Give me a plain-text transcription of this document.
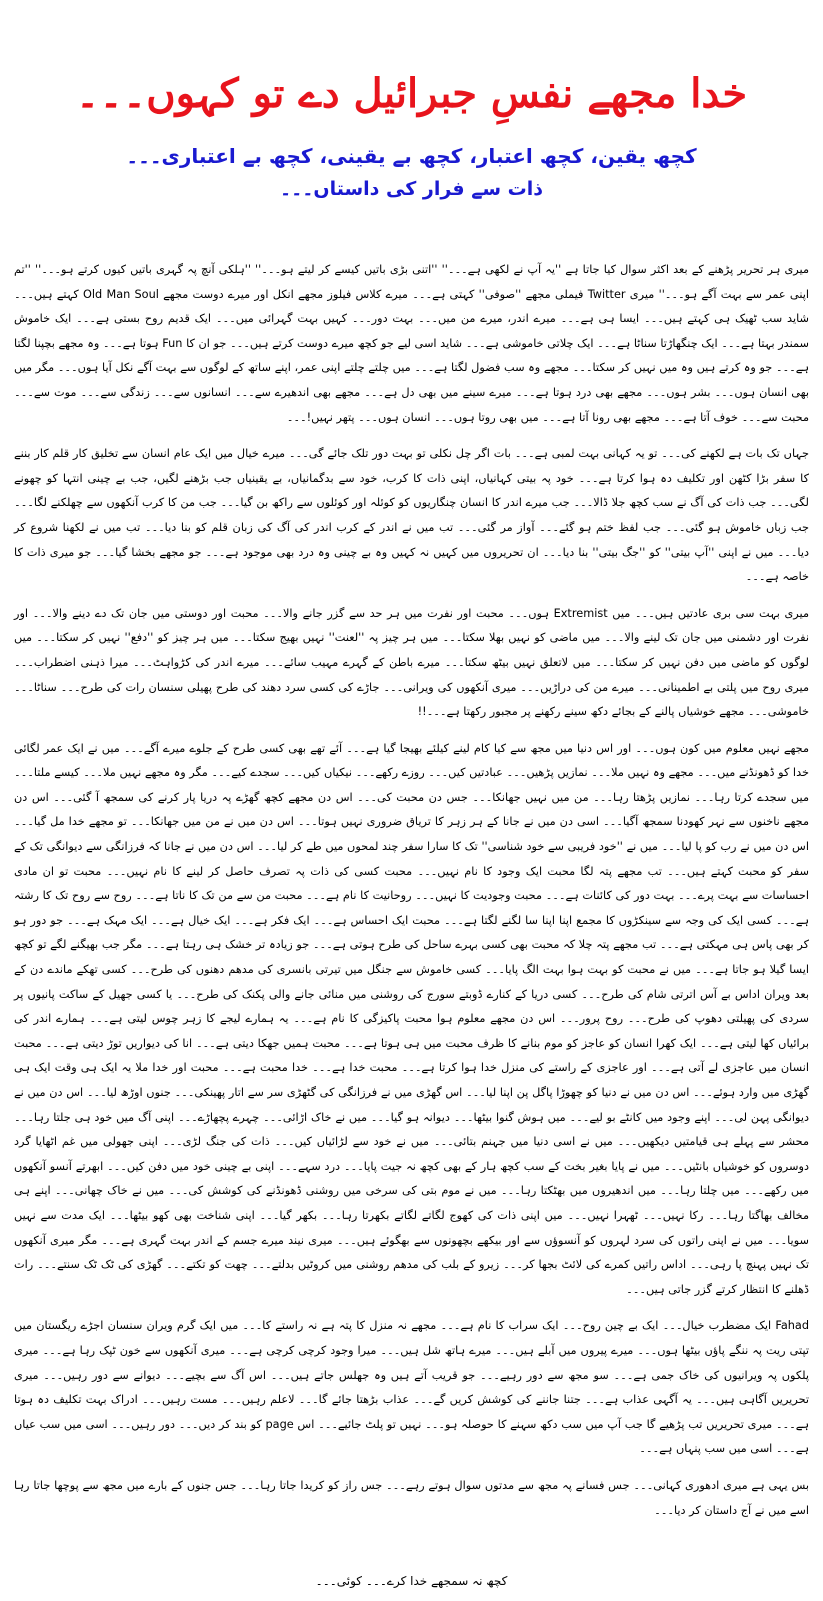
خدا مجھے نفسِ جبرائیل دے تو کہوں۔۔۔
کچھ یقین، کچھ اعتبار، کچھ بے یقینی، کچھ بے اعتباری۔۔۔
ذات سے فرار کی داستاں۔۔۔

میری ہر تحریر پڑھنے کے بعد اکثر سوال کیا جاتا ہے ''یہ آپ نے لکھی ہے۔۔۔'' ''اتنی بڑی باتیں کیسے کر لیتے ہو۔۔۔'' ''ہلکی آنچ پہ گہری باتیں کیوں کرتے ہو۔۔۔'' ''تم اپنی عمر سے بہت آگے ہو۔۔۔'' میری Twitter فیملی مجھے ''صوفی'' کہتی ہے۔۔۔ میرے کلاس فیلوز مجھے انکل اور میرے دوست مجھے Old Man Soul کہتے ہیں۔۔۔ شاید سب ٹھیک ہی کہتے ہیں۔۔۔ ایسا ہی ہے۔۔۔ میرے اندر، میرے من میں۔۔۔ بہت دور۔۔۔ کہیں بہت گہرائی میں۔۔۔ ایک قدیم روح بستی ہے۔۔۔ ایک خاموش سمندر بہتا ہے۔۔۔ ایک چنگھاڑتا سناٹا ہے۔۔۔ ایک چلاتی خاموشی ہے۔۔۔ شاید اسی لیے جو کچھ میرے دوست کرتے ہیں۔۔۔ جو ان کا Fun ہوتا ہے۔۔۔ وہ مجھے بچپنا لگتا ہے۔۔۔ جو وہ کرتے ہیں وہ میں نہیں کر سکتا۔۔۔ مجھے وہ سب فضول لگتا ہے۔۔۔ میں چلتے چلتے اپنی عمر، اپنے ساتھ کے لوگوں سے بہت آگے نکل آیا ہوں۔۔۔ مگر میں بھی انسان ہوں۔۔۔ بشر ہوں۔۔۔ مجھے بھی درد ہوتا ہے۔۔۔ میرے سینے میں بھی دل ہے۔۔۔ مجھے بھی اندھیرے سے۔۔۔ انسانوں سے۔۔۔ زندگی سے۔۔۔ موت سے۔۔۔ محبت سے۔۔۔ خوف آتا ہے۔۔۔ مجھے بھی رونا آتا ہے۔۔۔ میں بھی روتا ہوں۔۔۔ انسان ہوں۔۔۔ پتھر نہیں!۔۔۔

جہاں تک بات ہے لکھنے کی۔۔۔ تو یہ کہانی بہت لمبی ہے۔۔۔ بات اگر چل نکلی تو بہت دور تلک جائے گی۔۔۔ میرے خیال میں ایک عام انسان سے تخلیق کار قلم کار بننے کا سفر بڑا کٹھن اور تکلیف دہ ہوا کرتا ہے۔۔۔ خود پہ بیتی کہانیاں، اپنی ذات کا کرب، خود سے بدگمانیاں، بے یقینیاں جب بڑھنے لگیں، جب بے چینی انتہا کو چھونے لگی۔۔۔ جب ذات کی آگ نے سب کچھ جلا ڈالا۔۔۔ جب میرے اندر کا انسان چنگاریوں کو کوئلہ اور کوئلوں سے راکھ بن گیا۔۔۔ جب من کا کرب آنکھوں سے چھلکنے لگا۔۔۔ جب زباں خاموش ہو گئی۔۔۔ جب لفظ ختم ہو گئے۔۔۔ آواز مر گئی۔۔۔ تب میں نے اندر کے کرب اندر کی آگ کی زبان قلم کو بنا دیا۔۔۔ تب میں نے لکھنا شروع کر دیا۔۔۔ میں نے اپنی ''آپ بیتی'' کو ''جگ بیتی'' بنا دیا۔۔۔ ان تحریروں میں کہیں نہ کہیں وہ بے چینی وہ درد بھی موجود ہے۔۔۔ جو مجھے بخشا گیا۔۔۔ جو میری ذات کا خاصہ ہے۔۔۔

میری بہت سی بری عادتیں ہیں۔۔۔ میں Extremist ہوں۔۔۔ محبت اور نفرت میں ہر حد سے گزر جانے والا۔۔۔ محبت اور دوستی میں جان تک دے دینے والا۔۔۔ اور نفرت اور دشمنی میں جان تک لینے والا۔۔۔ میں ماضی کو نہیں بھلا سکتا۔۔۔ میں ہر چیز پہ ''لعنت'' نہیں بھیج سکتا۔۔۔ میں ہر چیز کو ''دفع'' نہیں کر سکتا۔۔۔ میں لوگوں کو ماضی میں دفن نہیں کر سکتا۔۔۔ میں لاتعلق نہیں بیٹھ سکتا۔۔۔ میرے باطن کے گہرے مہیب سائے۔۔۔ میرے اندر کی کڑواہٹ۔۔۔ میرا ذہنی اضطراب۔۔۔ میری روح میں پلتی بے اطمینانی۔۔۔ میرے من کی دراڑیں۔۔۔ میری آنکھوں کی ویرانی۔۔۔ جاڑے کی کسی سرد دھند کی طرح پھیلی سنسان رات کی طرح۔۔۔ سناٹا۔۔۔ خاموشی۔۔۔ مجھے خوشیاں پالنے کے بجائے دکھ سینے رکھنے پر مجبور رکھتا ہے۔۔۔!!

مجھے نہیں معلوم میں کون ہوں۔۔۔ اور اس دنیا میں مجھ سے کیا کام لینے کیلئے بھیجا گیا ہے۔۔۔ آئے تھے بھی کسی طرح کے جلوے میرے آگے۔۔۔ میں نے ایک عمر لگائی خدا کو ڈھونڈنے میں۔۔۔ مجھے وہ نہیں ملا۔۔۔ نمازیں پڑھیں۔۔۔ عبادتیں کیں۔۔۔ روزے رکھے۔۔۔ نیکیاں کیں۔۔۔ سجدے کیے۔۔۔ مگر وہ مجھے نہیں ملا۔۔۔ کیسے ملتا۔۔۔ میں سجدے کرتا رہا۔۔۔ نمازیں پڑھتا رہا۔۔۔ من میں نہیں جھانکا۔۔۔ جس دن محبت کی۔۔۔ اس دن مجھے کچھ گھڑے پہ دریا پار کرنے کی سمجھ آ گئی۔۔۔ اس دن مجھے ناخنوں سے نہر کھودنا سمجھ آگیا۔۔۔ اسی دن میں نے جانا کے ہر زہر کا تریاق ضروری نہیں ہوتا۔۔۔ اس دن میں نے من میں جھانکا۔۔۔ تو مجھے خدا مل گیا۔۔۔ اس دن میں نے رب کو پا لیا۔۔۔ میں نے ''خود فریبی سے خود شناسی'' تک کا سارا سفر چند لمحوں میں طے کر لیا۔۔۔ اس دن میں نے جانا کہ فرزانگی سے دیوانگی تک کے سفر کو محبت کہتے ہیں۔۔۔ تب مجھے پتہ لگا محبت ایک وجود کا نام نہیں۔۔۔ محبت کسی کی ذات پہ تصرف حاصل کر لینے کا نام نہیں۔۔۔ محبت تو ان مادی احساسات سے بہت پرے۔۔۔ بہت دور کی کائنات ہے۔۔۔ محبت وجودیت کا نہیں۔۔۔ روحانیت کا نام ہے۔۔۔ محبت من سے من تک کا ناتا ہے۔۔۔ روح سے روح تک کا رشتہ ہے۔۔۔ کسی ایک کی وجہ سے سینکڑوں کا مجمع اپنا اپنا سا لگنے لگتا ہے۔۔۔ محبت ایک احساس ہے۔۔۔ ایک فکر ہے۔۔۔ ایک خیال ہے۔۔۔ ایک مہک ہے۔۔۔ جو دور ہو کر بھی پاس ہی مہکتی ہے۔۔۔ تب مجھے پتہ چلا کہ محبت بھی کسی بہرے ساحل کی طرح ہوتی ہے۔۔۔ جو زیادہ تر خشک ہی رہتا ہے۔۔۔ مگر جب بھیگنے لگے تو کچھ ایسا گیلا ہو جاتا ہے۔۔۔ میں نے محبت کو بہت ہوا بہت الگ پایا۔۔۔ کسی خاموش سے جنگل میں تیرتی بانسری کی مدھم دھنوں کی طرح۔۔۔ کسی تھکے ماندے دن کے بعد ویران اداس بے آس اترتی شام کی طرح۔۔۔ کسی دریا کے کنارے ڈوبتے سورج کی روشنی میں منائی جانے والی پکنک کی طرح۔۔۔ یا کسی جھیل کے ساکت پانیوں پر سردی کی پھیلتی دھوپ کی طرح۔۔۔ روح پرور۔۔۔ اس دن مجھے معلوم ہوا محبت پاکیزگی کا نام ہے۔۔۔ یہ ہمارے لیجے کا زہر چوس لیتی ہے۔۔۔ ہمارے اندر کی برائیاں کھا لیتی ہے۔۔۔ ایک کھرا انسان کو عاجز کو موم بنانے کا ظرف محبت میں ہی ہوتا ہے۔۔۔ محبت ہمیں جھکا دیتی ہے۔۔۔ انا کی دیواریں توڑ دیتی ہے۔۔۔ محبت انسان میں عاجزی لے آتی ہے۔۔۔ اور عاجزی کے راستے کی منزل خدا ہوا کرتا ہے۔۔۔ محبت خدا ہے۔۔۔ خدا محبت ہے۔۔۔ محبت اور خدا ملا یہ ایک ہی وقت ایک ہی گھڑی میں وارد ہوئے۔۔۔ اس دن میں نے دنیا کو چھوڑا پاگل پن اپنا لیا۔۔۔ اس گھڑی میں نے فرزانگی کی گٹھڑی سر سے اتار پھینکی۔۔۔ جنوں اوڑھ لیا۔۔۔ اس دن میں نے دیوانگی پہن لی۔۔۔ اپنے وجود میں کانٹے بو لیے۔۔۔ میں ہوش گنوا بیٹھا۔۔۔ دیوانہ ہو گیا۔۔۔ میں نے خاک اڑائی۔۔۔ چہرے پچھاڑے۔۔۔ اپنی آگ میں خود ہی جلتا رہا۔۔۔ محشر سے پہلے ہی قیامتیں دیکھیں۔۔۔ میں نے اسی دنیا میں جہنم بتائی۔۔۔ میں نے خود سے لڑائیاں کیں۔۔۔ ذات کی جنگ لڑی۔۔۔ اپنی جھولی میں غم اٹھایا گرد دوسروں کو خوشیاں بانٹیں۔۔۔ میں نے پایا بغیر بخت کے سب کچھ ہار کے بھی کچھ نہ جیت پایا۔۔۔ درد سہے۔۔۔ اپنی بے چینی خود میں دفن کیں۔۔۔ ابھرتے آنسو آنکھوں میں رکھے۔۔۔ میں چلتا رہا۔۔۔ میں اندھیروں میں بھٹکتا رہا۔۔۔ میں نے موم بتی کی سرخی میں روشنی ڈھونڈنے کی کوشش کی۔۔۔ میں نے خاک چھانی۔۔۔ اپنے ہی مخالف بھاگتا رہا۔۔۔ رکا نہیں۔۔۔ ٹھہرا نہیں۔۔۔ میں اپنی ذات کی کھوج لگاتے لگاتے بکھرتا رہا۔۔۔ بکھر گیا۔۔۔ اپنی شناخت بھی کھو بیٹھا۔۔۔ ایک مدت سے نہیں سویا۔۔۔ میں نے اپنی راتوں کی سرد لہروں کو آنسوؤں سے اور بیکھے بچھونوں سے بھگوئے ہیں۔۔۔ میری نیند میرے جسم کے اندر بہت گہری ہے۔۔۔ مگر میری آنکھوں تک نہیں پہنچ پا رہی۔۔۔ اداس راتیں کمرے کی لائٹ بجھا کر۔۔۔ زیرو کے بلب کی مدھم روشنی میں کروٹیں بدلتے۔۔۔ چھت کو تکتے۔۔۔ گھڑی کی ٹک ٹک سنتے۔۔۔ رات ڈھلنے کا انتظار کرتے گزر جاتی ہیں۔۔۔

Fahad ایک مضطرب خیال۔۔۔ ایک بے چین روح۔۔۔ ایک سراب کا نام ہے۔۔۔ مجھے نہ منزل کا پتہ ہے نہ راستے کا۔۔۔ میں ایک گرم ویران سنسان اجڑے ریگستان میں تپتی ریت پہ ننگے پاؤں بیٹھا ہوں۔۔۔ میرے پیروں میں آبلے ہیں۔۔۔ میرے ہاتھ شل ہیں۔۔۔ میرا وجود کرچی کرچی ہے۔۔۔ میری آنکھوں سے خون ٹپک رہا ہے۔۔۔ میری پلکوں پہ ویرانیوں کی خاک جمی ہے۔۔۔ سو مجھ سے دور رہیے۔۔۔ جو قریب آتے ہیں وہ جھلس جاتے ہیں۔۔۔ اس آگ سے بچیے۔۔۔ دیوانے سے دور رہیں۔۔۔ میری تحریریں آگاہی ہیں۔۔۔ یہ آگہی عذاب ہے۔۔۔ جتنا جاننے کی کوشش کریں گے۔۔۔ عذاب بڑھتا جائے گا۔۔۔ لاعلم رہیں۔۔۔ مست رہیں۔۔۔ ادراک بہت تکلیف دہ ہوتا ہے۔۔۔ میری تحریریں تب پڑھیے گا جب آپ میں سب دکھ سہنے کا حوصلہ ہو۔۔۔ نہیں تو پلٹ جائیے۔۔۔ اس page کو بند کر دیں۔۔۔ دور رہیں۔۔۔ اسی میں سب عیاں ہے۔۔۔ اسی میں سب پنہاں ہے۔۔۔

بس یہی ہے میری ادھوری کہانی۔۔۔ جس فسانے پہ مجھ سے مدتوں سوال ہوتے رہے۔۔۔ جس راز کو کریدا جاتا رہا۔۔۔ جس جنوں کے بارے میں مجھ سے پوچھا جاتا رہا اسے میں نے آج داستان کر دیا۔۔۔

کچھ نہ سمجھے خدا کرے۔۔۔ کوئی۔۔۔
